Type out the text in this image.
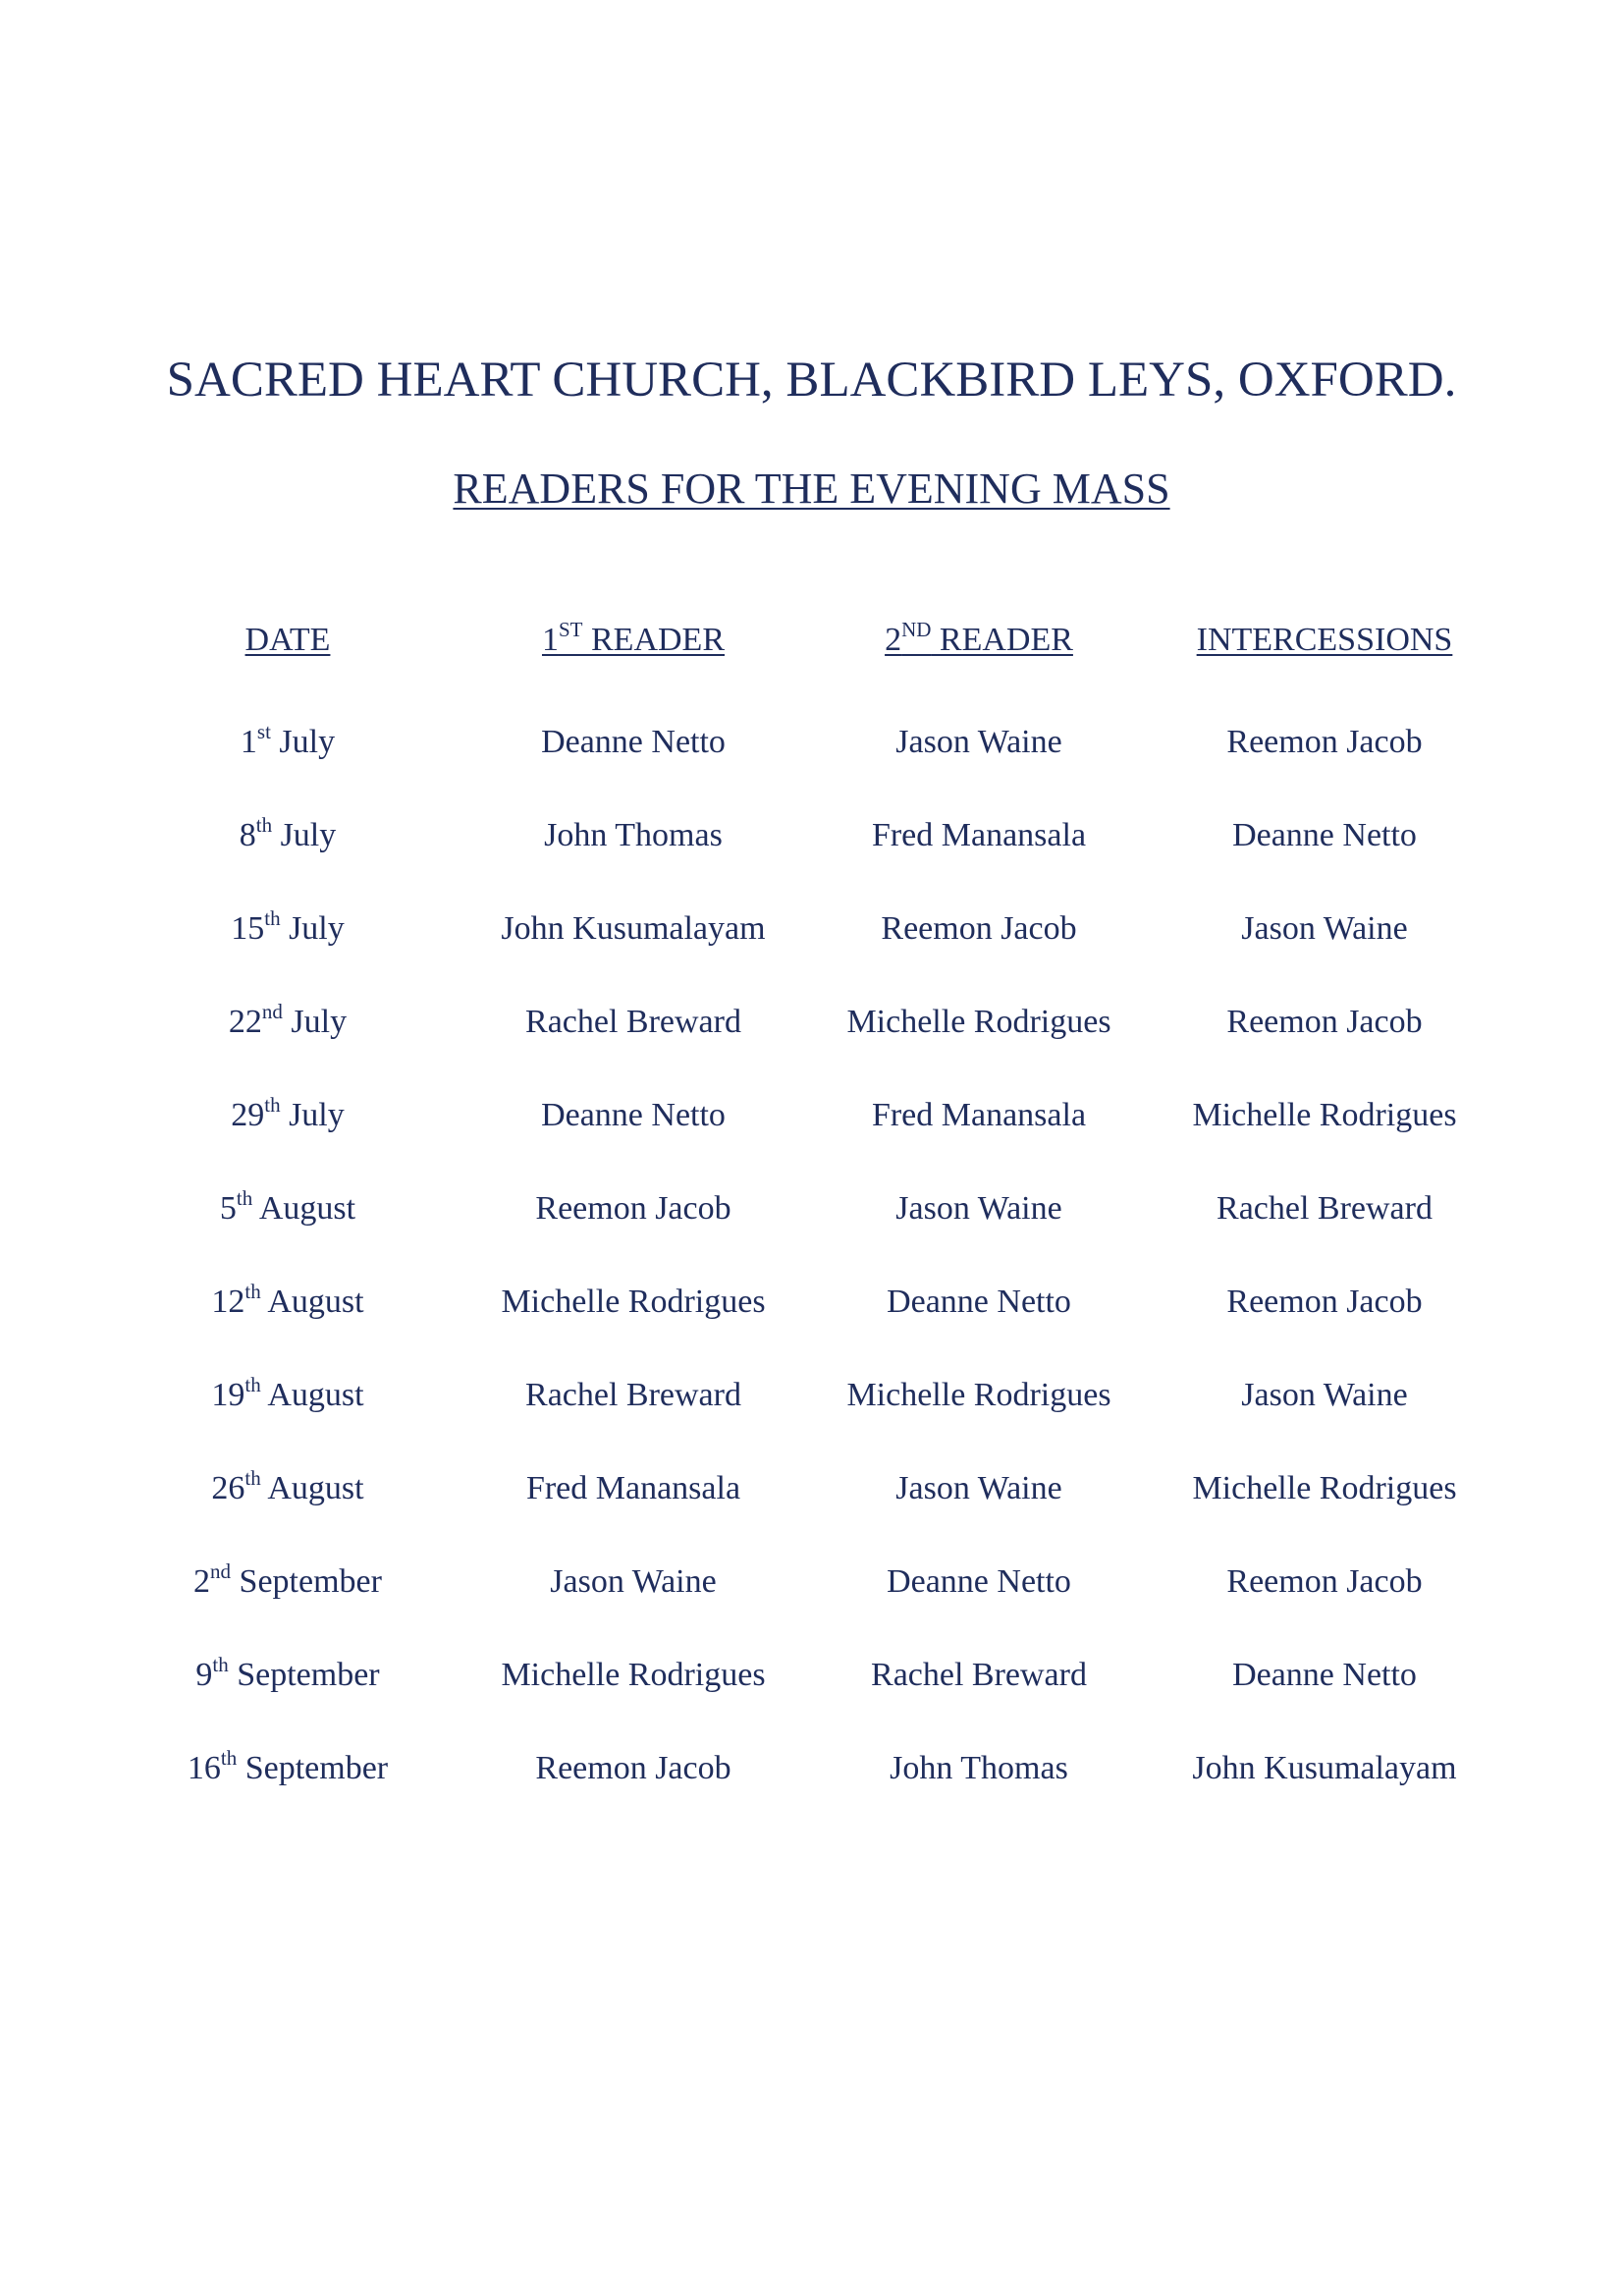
SACRED HEART CHURCH, BLACKBIRD LEYS, OXFORD.
READERS FOR THE EVENING MASS
DATE	1ST READER	2ND READER	INTERCESSIONS
1st July	Deanne Netto	Jason Waine	Reemon Jacob
8th July	John Thomas	Fred Manansala	Deanne Netto
15th July	John Kusumalayam	Reemon Jacob	Jason Waine
22nd July	Rachel Breward	Michelle Rodrigues	Reemon Jacob
29th July	Deanne Netto	Fred Manansala	Michelle Rodrigues
5th August	Reemon Jacob	Jason Waine	Rachel Breward
12th August	Michelle Rodrigues	Deanne Netto	Reemon Jacob
19th August	Rachel Breward	Michelle Rodrigues	Jason Waine
26th August	Fred Manansala	Jason Waine	Michelle Rodrigues
2nd September	Jason Waine	Deanne Netto	Reemon Jacob
9th September	Michelle Rodrigues	Rachel Breward	Deanne Netto
16th September	Reemon Jacob	John Thomas	John Kusumalayam
